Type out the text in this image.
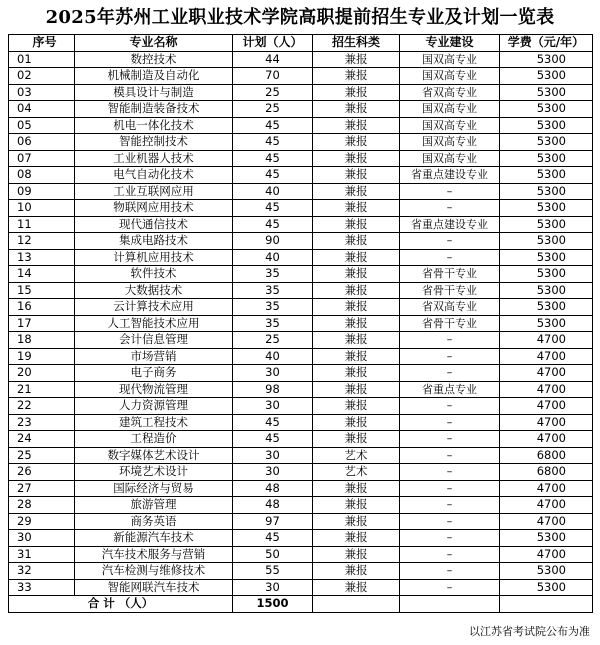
2025年苏州工业职业技术学院高职提前招生专业及计划一览表
序号	专业名称	计划（人）	招生科类	专业建设	学费（元/年）
01	数控技术	44	兼报	国双高专业	5300
02	机械制造及自动化	70	兼报	国双高专业	5300
03	模具设计与制造	25	兼报	省双高专业	5300
04	智能制造装备技术	25	兼报	国双高专业	5300
05	机电一体化技术	45	兼报	国双高专业	5300
06	智能控制技术	45	兼报	国双高专业	5300
07	工业机器人技术	45	兼报	国双高专业	5300
08	电气自动化技术	45	兼报	省重点建设专业	5300
09	工业互联网应用	40	兼报	–	5300
10	物联网应用技术	45	兼报	–	5300
11	现代通信技术	45	兼报	省重点建设专业	5300
12	集成电路技术	90	兼报	–	5300
13	计算机应用技术	40	兼报	–	5300
14	软件技术	35	兼报	省骨干专业	5300
15	大数据技术	35	兼报	省骨干专业	5300
16	云计算技术应用	35	兼报	省双高专业	5300
17	人工智能技术应用	35	兼报	省骨干专业	5300
18	会计信息管理	25	兼报	–	4700
19	市场营销	40	兼报	–	4700
20	电子商务	30	兼报	–	4700
21	现代物流管理	98	兼报	省重点专业	4700
22	人力资源管理	30	兼报	–	4700
23	建筑工程技术	45	兼报	–	4700
24	工程造价	45	兼报	–	4700
25	数字媒体艺术设计	30	艺术	–	6800
26	环境艺术设计	30	艺术	–	6800
27	国际经济与贸易	48	兼报	–	4700
28	旅游管理	48	兼报	–	4700
29	商务英语	97	兼报	–	4700
30	新能源汽车技术	45	兼报	–	5300
31	汽车技术服务与营销	50	兼报	–	4700
32	汽车检测与维修技术	55	兼报	–	5300
33	智能网联汽车技术	30	兼报	–	5300
合 计 （人）		1500			
以江苏省考试院公布为准
